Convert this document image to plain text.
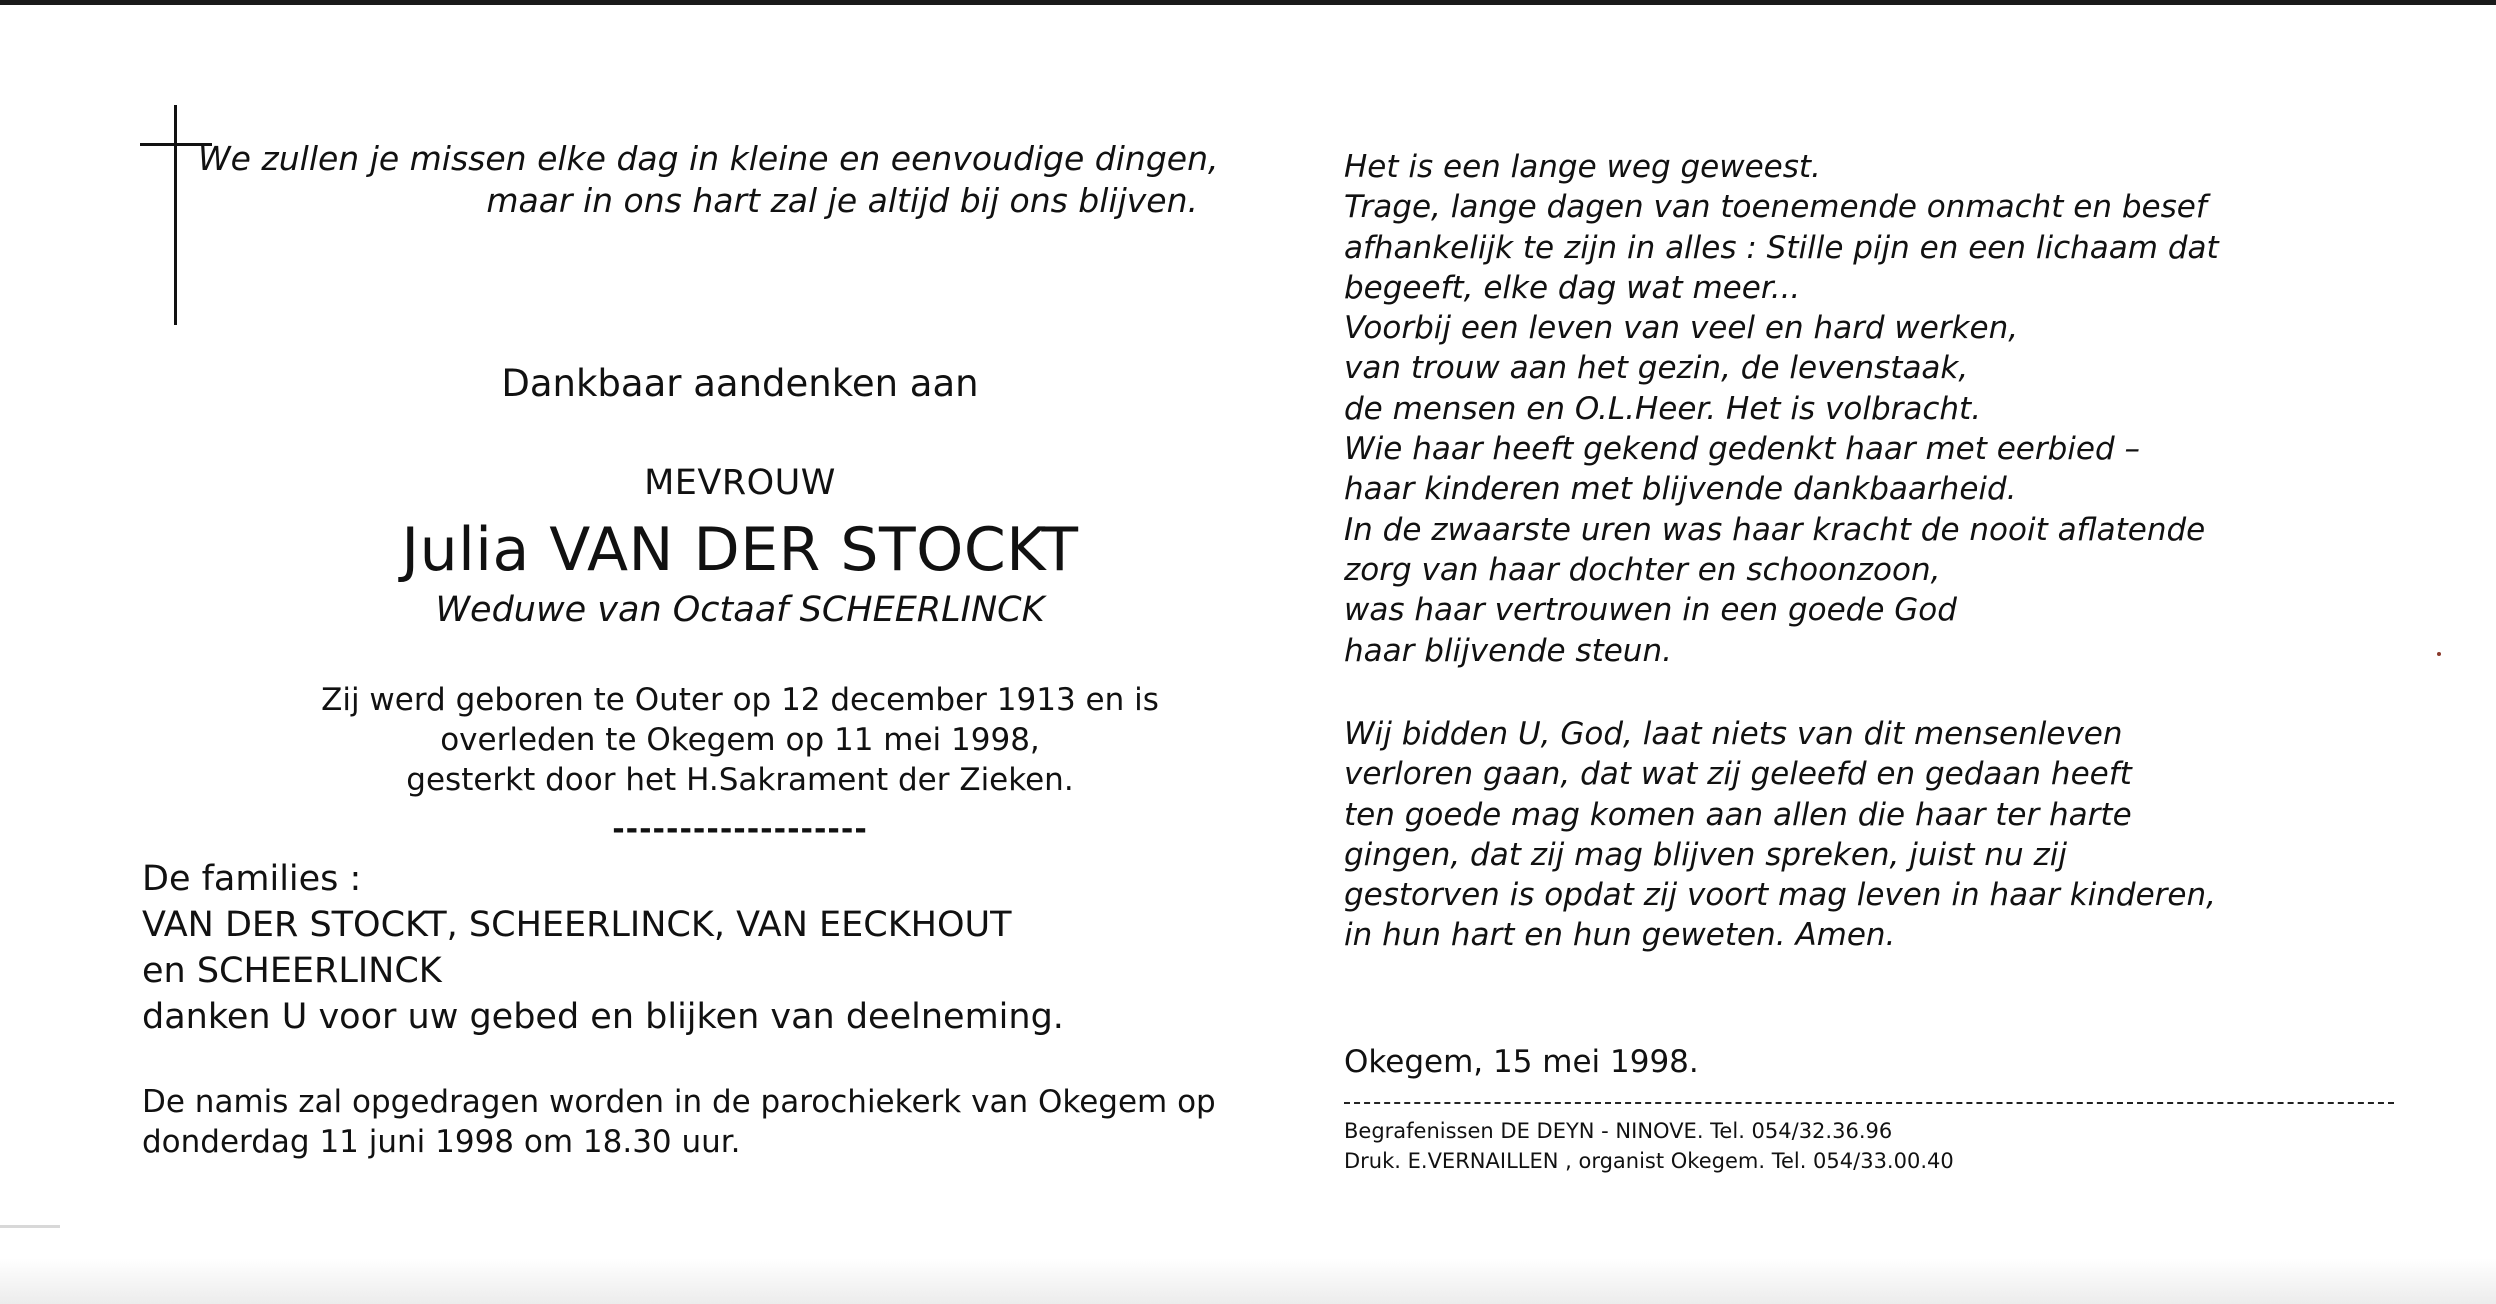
We zullen je missen elke dag in kleine en eenvoudige dingen,
maar in ons hart zal je altijd bij ons blijven.
Dankbaar aandenken aan
MEVROUW
Julia VAN DER STOCKT
Weduwe van Octaaf SCHEERLINCK
Zij werd geboren te Outer op 12 december 1913 en is
overleden te Okegem op 11 mei 1998,
gesterkt door het H.Sakrament der Zieken.
-------------------
De families :
VAN DER STOCKT, SCHEERLINCK, VAN EECKHOUT
en SCHEERLINCK
danken U voor uw gebed en blijken van deelneming.
De namis zal opgedragen worden in de parochiekerk van Okegem op
donderdag 11 juni 1998 om 18.30 uur.
Het is een lange weg geweest.
Trage, lange dagen van toenemende onmacht en besef
afhankelijk te zijn in alles : Stille pijn en een lichaam dat
begeeft, elke dag wat meer...
Voorbij een leven van veel en hard werken,
van trouw aan het gezin, de levenstaak,
de mensen en O.L.Heer. Het is volbracht.
Wie haar heeft gekend gedenkt haar met eerbied –
haar kinderen met blijvende dankbaarheid.
In de zwaarste uren was haar kracht de nooit aflatende
zorg van haar dochter en schoonzoon,
was haar vertrouwen in een goede God
haar blijvende steun.
Wij bidden U, God, laat niets van dit mensenleven
verloren gaan, dat wat zij geleefd en gedaan heeft
ten goede mag komen aan allen die haar ter harte
gingen, dat zij mag blijven spreken, juist nu zij
gestorven is opdat zij voort mag leven in haar kinderen,
in hun hart en hun geweten. Amen.
Okegem, 15 mei 1998.
Begrafenissen DE DEYN - NINOVE. Tel. 054/32.36.96
Druk. E.VERNAILLEN , organist Okegem. Tel. 054/33.00.40
